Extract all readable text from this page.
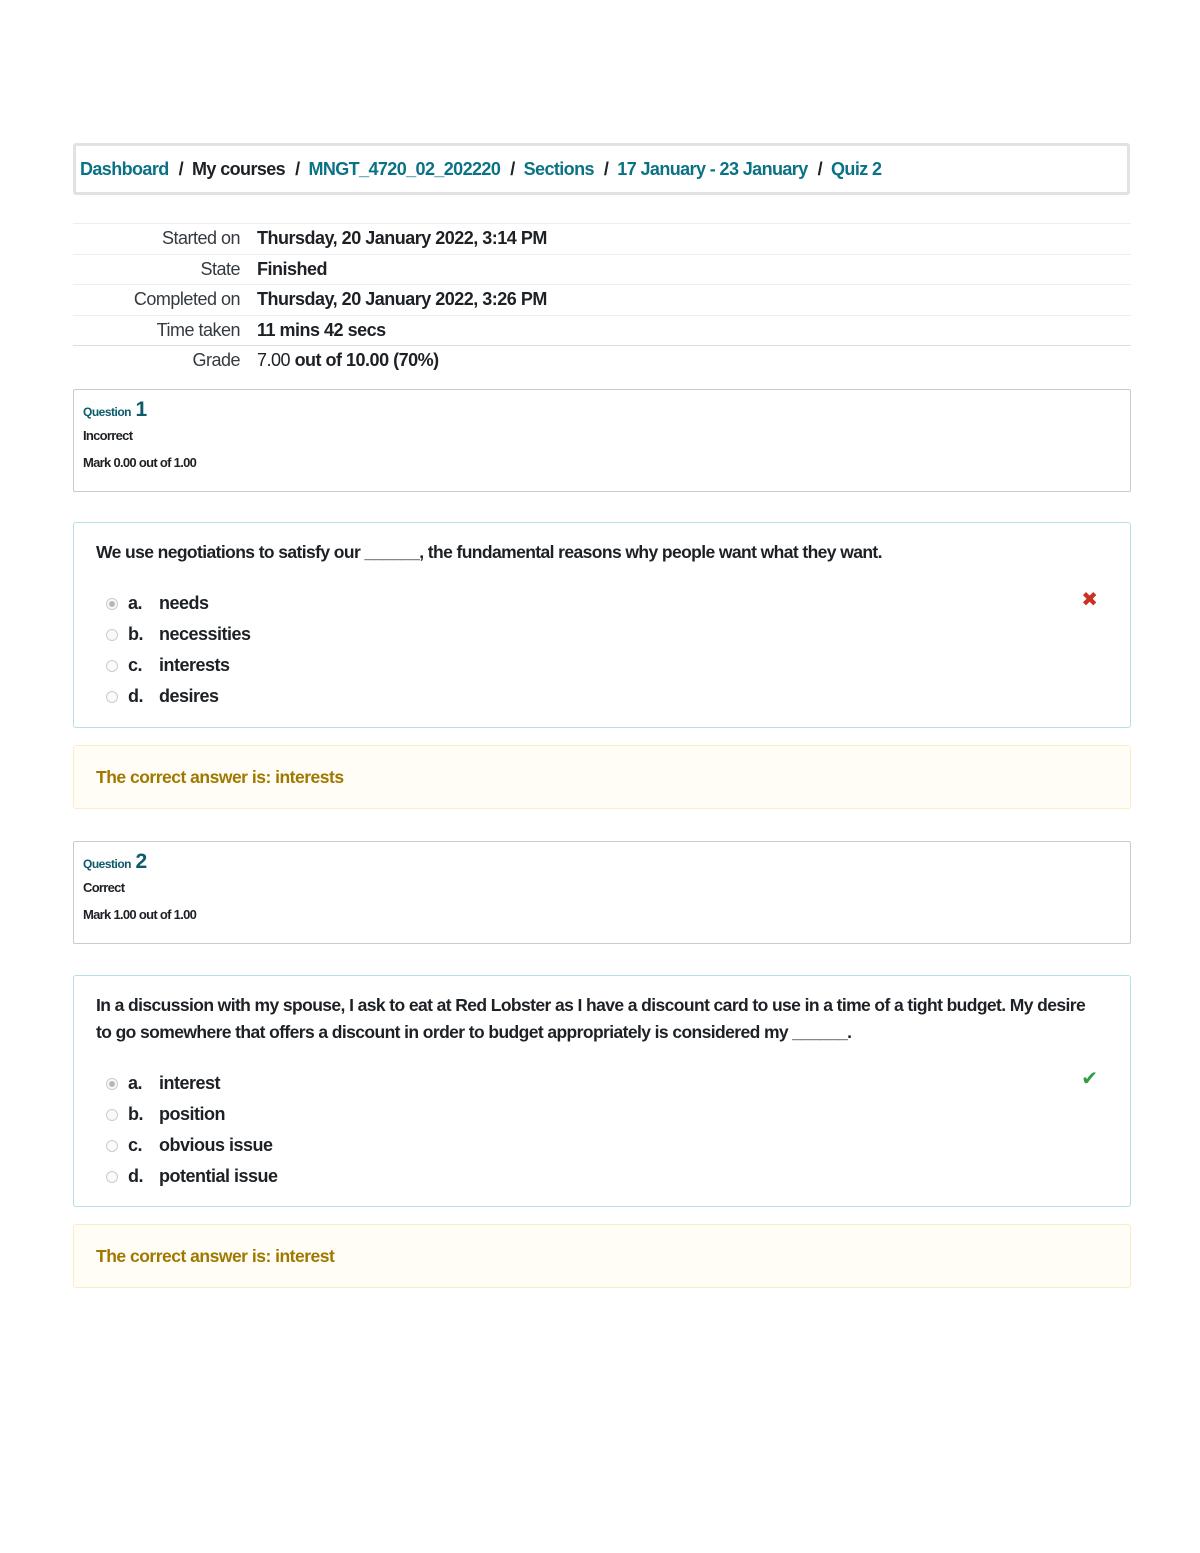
Dashboard / My courses / MNGT_4720_02_202220 / Sections / 17 January - 23 January / Quiz 2
Started on Thursday, 20 January 2022, 3:14 PM
State Finished
Completed on Thursday, 20 January 2022, 3:26 PM
Time taken 11 mins 42 secs
Grade 7.00 out of 10.00 (70%)
Question 1
Incorrect
Mark 0.00 out of 1.00
We use negotiations to satisfy our ______, the fundamental reasons why people want what they want.
✖
a. needs
b. necessities
c. interests
d. desires
The correct answer is: interests
Question 2
Correct
Mark 1.00 out of 1.00
In a discussion with my spouse, I ask to eat at Red Lobster as I have a discount card to use in a time of a tight budget. My desire to go somewhere that offers a discount in order to budget appropriately is considered my ______.
✔
a. interest
b. position
c. obvious issue
d. potential issue
The correct answer is: interest
